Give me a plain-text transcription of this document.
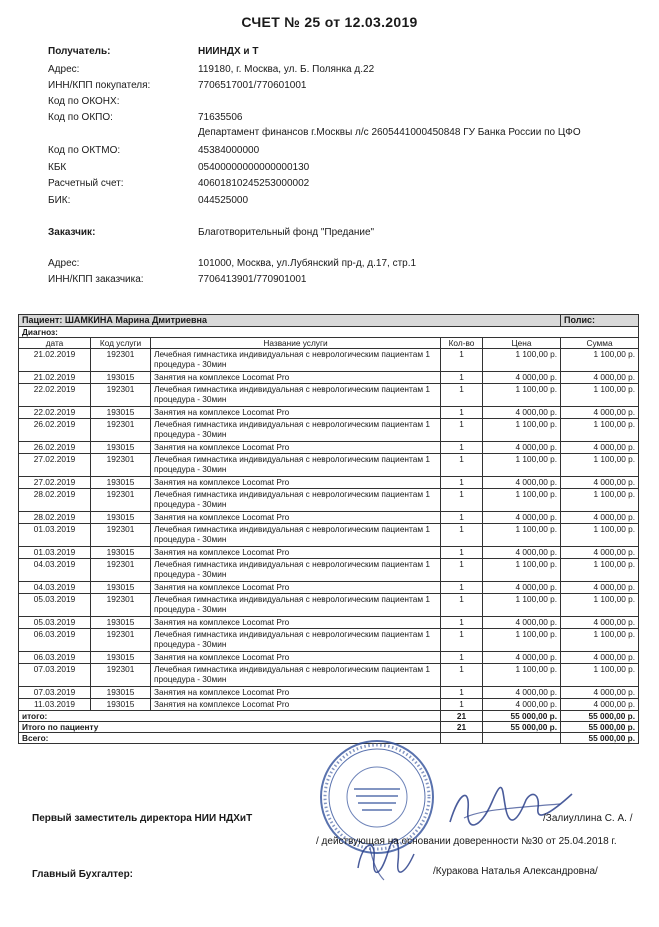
СЧЕТ № 25 от 12.03.2019
Получатель:	НИИНДХ и Т
Адрес:	119180, г. Москва, ул. Б. Полянка д.22
ИНН/КПП покупателя:	7706517001/770601001
Код по ОКОНХ:
Код по ОКПО:	71635506
Департамент финансов г.Москвы л/с 2605441000450848 ГУ Банка России по ЦФО
Код по ОКТМО:	45384000000
КБК	05400000000000000130
Расчетный счет:	40601810245253000002
БИК:	044525000
Заказчик:	Благотворительный фонд "Предание"
Адрес:	101000, Москва, ул.Лубянский пр-д, д.17, стр.1
ИНН/КПП заказчика:	7706413901/770901001
Пациент: ШАМКИНА Марина Дмитриевна					Полис:
Диагноз:					
дата	Код услуги	Название услуги	Кол-во	Цена	Сумма
21.02.2019	192301	Лечебная гимнастика индивидуальная с неврологическим пациентам 1 процедура - 30мин	1	1 100,00 р.	1 100,00 р.
21.02.2019	193015	Занятия на комплексе Locomat Pro	1	4 000,00 р.	4 000,00 р.
22.02.2019	192301	Лечебная гимнастика индивидуальная с неврологическим пациентам 1 процедура - 30мин	1	1 100,00 р.	1 100,00 р.
22.02.2019	193015	Занятия на комплексе Locomat Pro	1	4 000,00 р.	4 000,00 р.
26.02.2019	192301	Лечебная гимнастика индивидуальная с неврологическим пациентам 1 процедура - 30мин	1	1 100,00 р.	1 100,00 р.
26.02.2019	193015	Занятия на комплексе Locomat Pro	1	4 000,00 р.	4 000,00 р.
27.02.2019	192301	Лечебная гимнастика индивидуальная с неврологическим пациентам 1 процедура - 30мин	1	1 100,00 р.	1 100,00 р.
27.02.2019	193015	Занятия на комплексе Locomat Pro	1	4 000,00 р.	4 000,00 р.
28.02.2019	192301	Лечебная гимнастика индивидуальная с неврологическим пациентам 1 процедура - 30мин	1	1 100,00 р.	1 100,00 р.
28.02.2019	193015	Занятия на комплексе Locomat Pro	1	4 000,00 р.	4 000,00 р.
01.03.2019	192301	Лечебная гимнастика индивидуальная с неврологическим пациентам 1 процедура - 30мин	1	1 100,00 р.	1 100,00 р.
01.03.2019	193015	Занятия на комплексе Locomat Pro	1	4 000,00 р.	4 000,00 р.
04.03.2019	192301	Лечебная гимнастика индивидуальная с неврологическим пациентам 1 процедура - 30мин	1	1 100,00 р.	1 100,00 р.
04.03.2019	193015	Занятия на комплексе Locomat Pro	1	4 000,00 р.	4 000,00 р.
05.03.2019	192301	Лечебная гимнастика индивидуальная с неврологическим пациентам 1 процедура - 30мин	1	1 100,00 р.	1 100,00 р.
05.03.2019	193015	Занятия на комплексе Locomat Pro	1	4 000,00 р.	4 000,00 р.
06.03.2019	192301	Лечебная гимнастика индивидуальная с неврологическим пациентам 1 процедура - 30мин	1	1 100,00 р.	1 100,00 р.
06.03.2019	193015	Занятия на комплексе Locomat Pro	1	4 000,00 р.	4 000,00 р.
07.03.2019	192301	Лечебная гимнастика индивидуальная с неврологическим пациентам 1 процедура - 30мин	1	1 100,00 р.	1 100,00 р.
07.03.2019	193015	Занятия на комплексе Locomat Pro	1	4 000,00 р.	4 000,00 р.
11.03.2019	193015	Занятия на комплексе Locomat Pro	1	4 000,00 р.	4 000,00 р.
итого:			21	55 000,00 р.	55 000,00 р.
Итого по пациенту			21	55 000,00 р.	55 000,00 р.
Всего:					55 000,00 р.
Первый заместитель директора НИИ НДХиТ	/Залиуллина С. А. /
/ действующая на основании доверенности №30 от 25.04.2018 г.
Главный Бухгалтер:	/Куракова Наталья Александровна/
